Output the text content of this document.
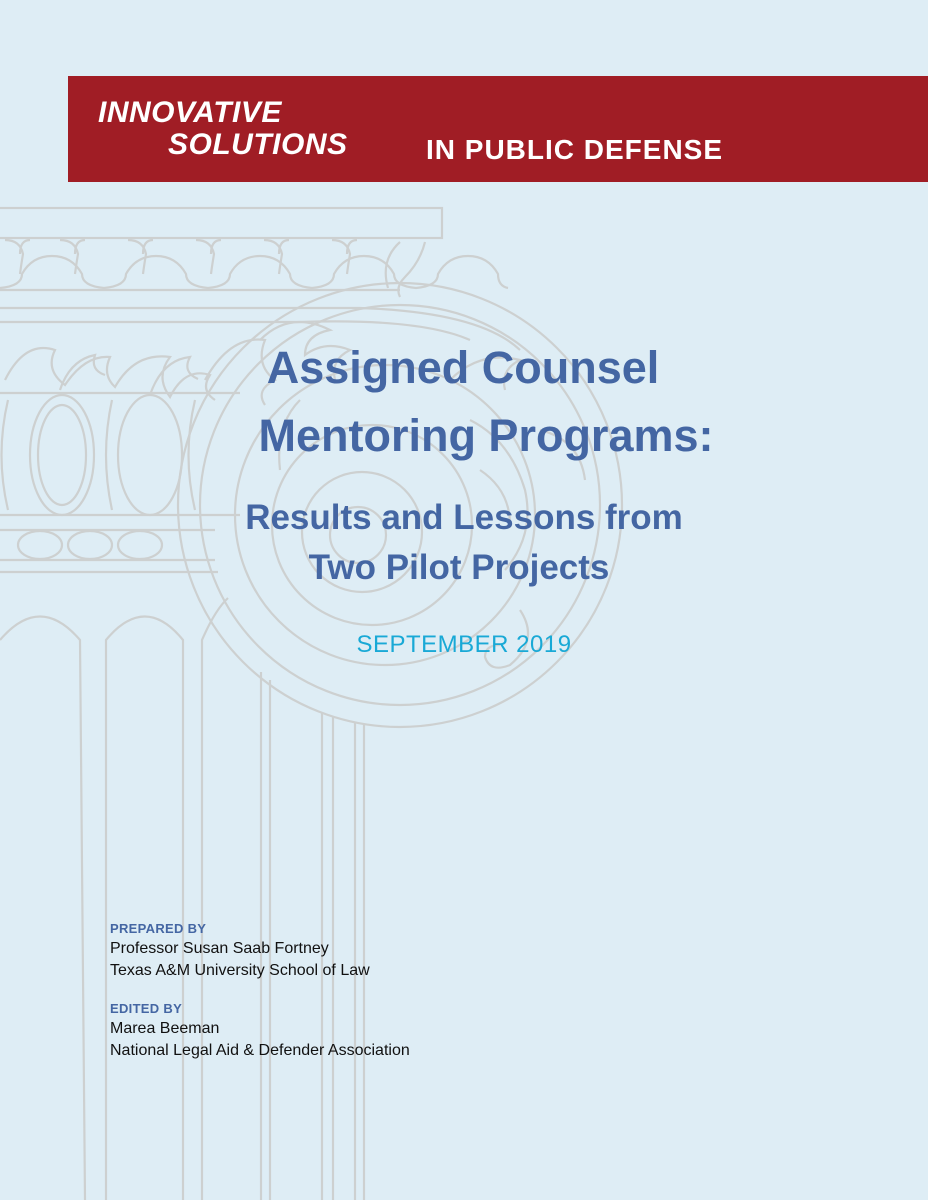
INNOVATIVE
SOLUTIONS	IN PUBLIC DEFENSE
Assigned Counsel
Mentoring Programs:
Results and Lessons from
Two Pilot Projects
SEPTEMBER 2019
PREPARED BY
Professor Susan Saab Fortney
Texas A&M University School of Law
EDITED BY
Marea Beeman
National Legal Aid & Defender Association
